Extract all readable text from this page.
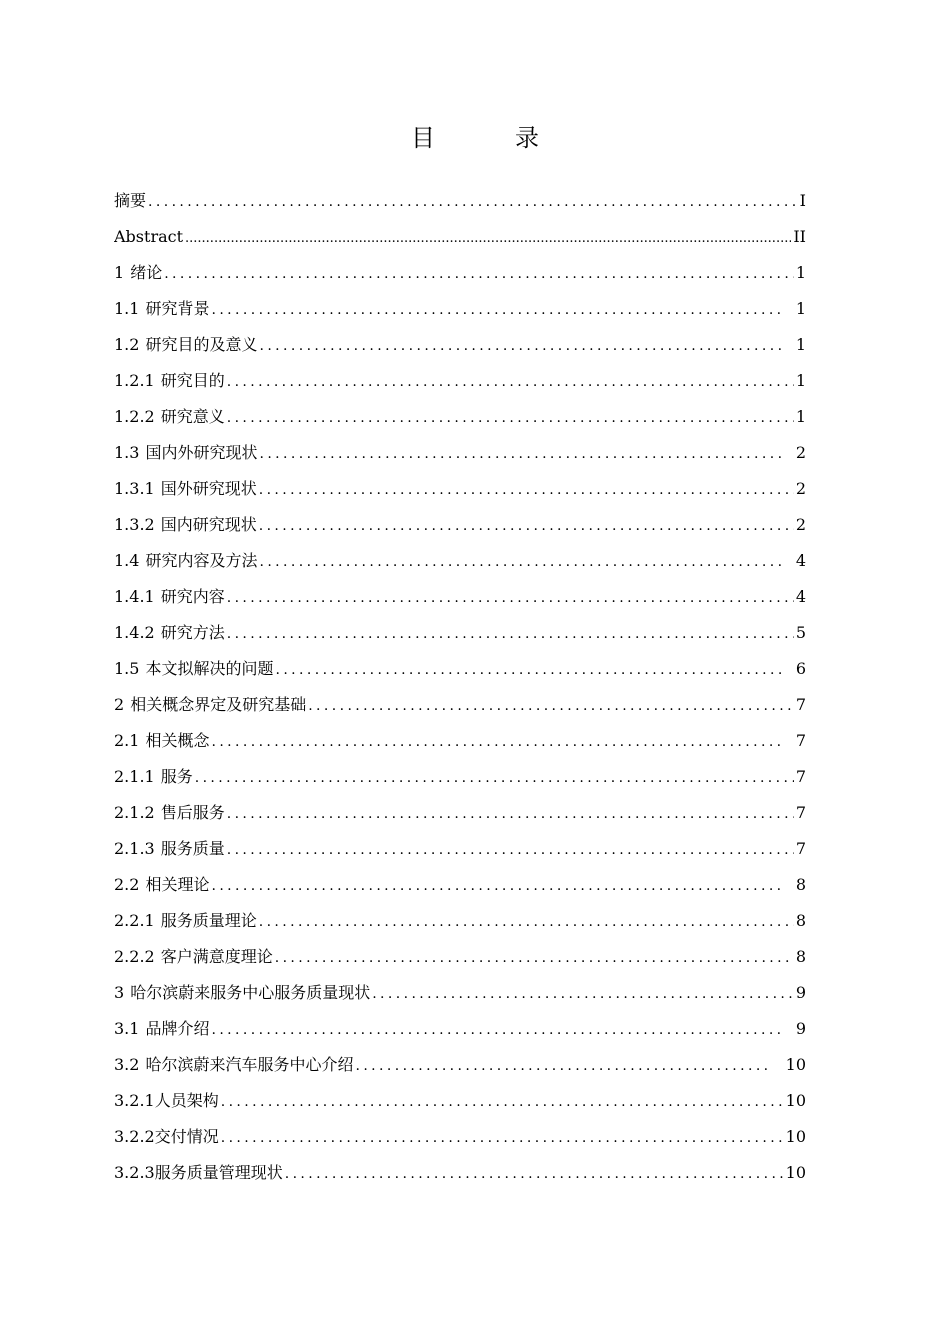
目　录
摘要 .....	I
Abstract .....	II
1 绪论 .....	1
1.1 研究背景 .....	1
1.2 研究目的及意义 .....	1
1.2.1 研究目的 .....	1
1.2.2 研究意义 .....	1
1.3 国内外研究现状 .....	2
1.3.1 国外研究现状 .....	2
1.3.2 国内研究现状 .....	2
1.4 研究内容及方法 .....	4
1.4.1 研究内容 .....	4
1.4.2 研究方法 .....	5
1.5 本文拟解决的问题 .....	6
2 相关概念界定及研究基础 .....	7
2.1 相关概念 .....	7
2.1.1 服务 .....	7
2.1.2 售后服务 .....	7
2.1.3 服务质量 .....	7
2.2 相关理论 .....	8
2.2.1 服务质量理论 .....	8
2.2.2 客户满意度理论 .....	8
3 哈尔滨蔚来服务中心服务质量现状 .....	9
3.1 品牌介绍 .....	9
3.2 哈尔滨蔚来汽车服务中心介绍 .....	10
3.2.1 人员架构 .....	10
3.2.2 交付情况 .....	10
3.2.3 服务质量管理现状 .....	10
